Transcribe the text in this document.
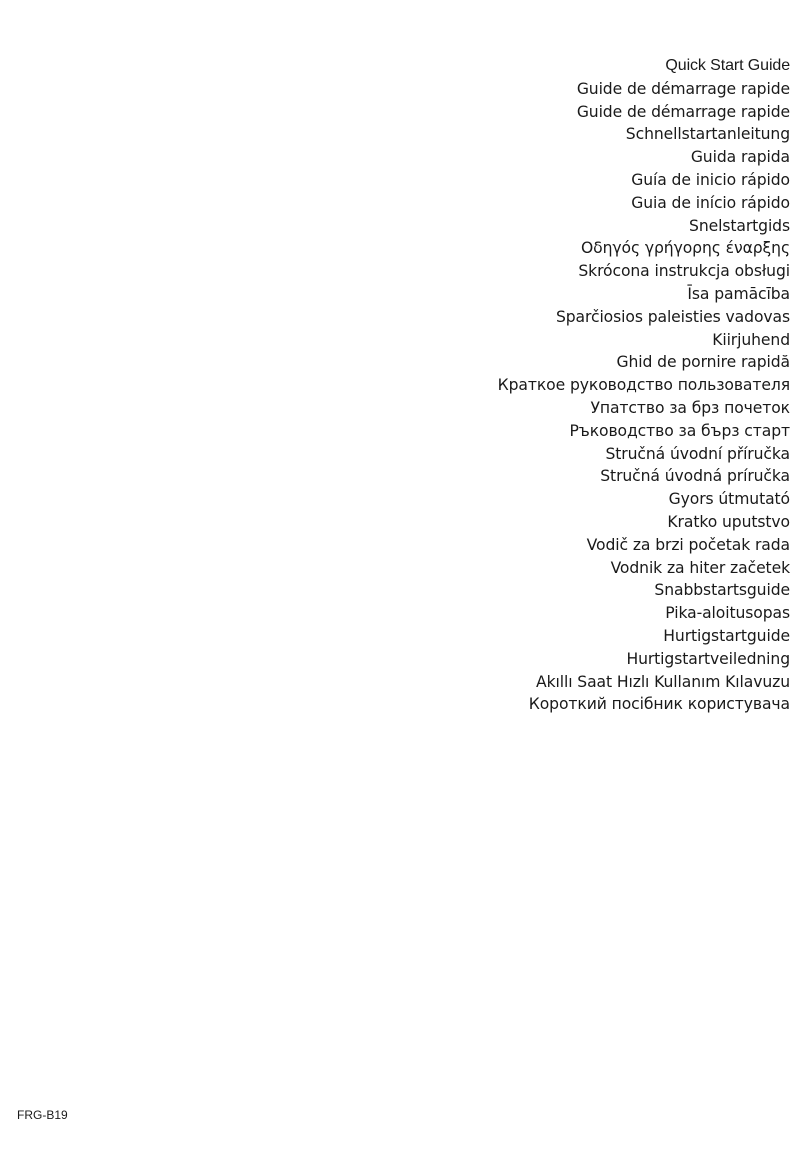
Quick Start Guide
Guide de démarrage rapide
Guide de démarrage rapide
Schnellstartanleitung
Guida rapida
Guía de inicio rápido
Guia de início rápido
Snelstartgids
Οδηγός γρήγορης έναρξης
Skrócona instrukcja obsługi
Īsa pamācība
Sparčiosios paleisties vadovas
Kiirjuhend
Ghid de pornire rapidă
Краткое руководство пользователя
Упатство за брз почеток
Ръководство за бърз старт
Stručná úvodní příručka
Stručná úvodná príručka
Gyors útmutató
Kratko uputstvo
Vodič za brzi početak rada
Vodnik za hiter začetek
Snabbstartsguide
Pika-aloitusopas
Hurtigstartguide
Hurtigstartveiledning
Akıllı Saat Hızlı Kullanım Kılavuzu
Короткий посібник користувача
FRG-B19
